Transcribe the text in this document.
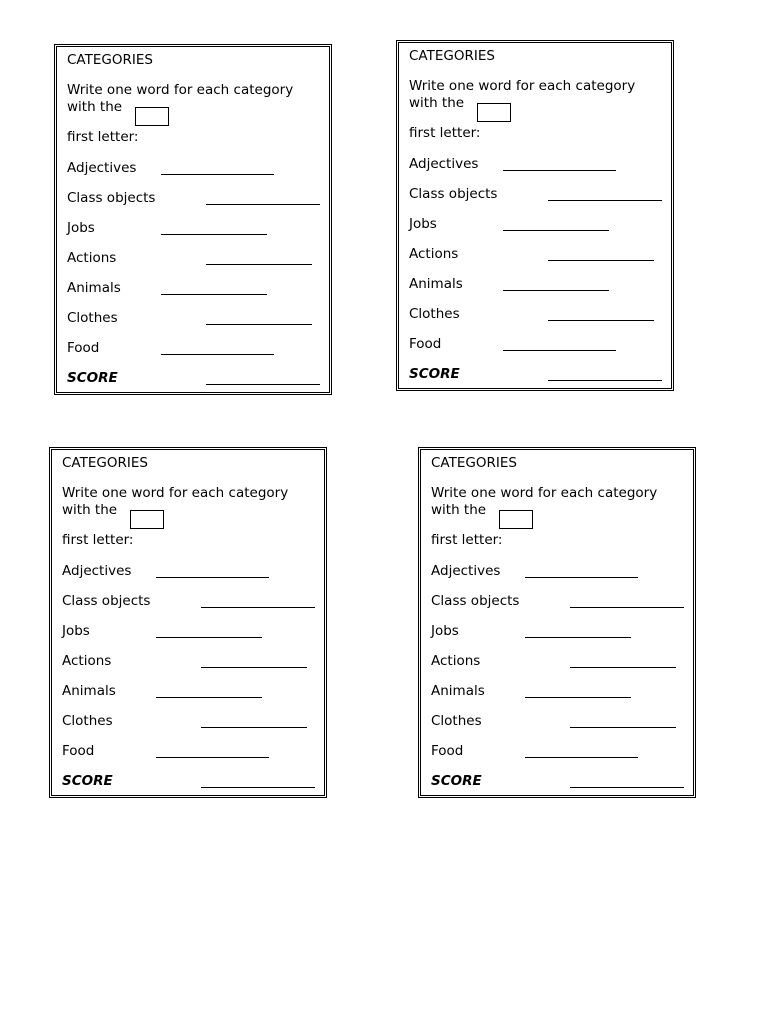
CATEGORIES
Write one word for each category
with the
first letter:
Adjectives
Class objects
Jobs
Actions
Animals
Clothes
Food
SCORE
CATEGORIES
Write one word for each category
with the
first letter:
Adjectives
Class objects
Jobs
Actions
Animals
Clothes
Food
SCORE
CATEGORIES
Write one word for each category
with the
first letter:
Adjectives
Class objects
Jobs
Actions
Animals
Clothes
Food
SCORE
CATEGORIES
Write one word for each category
with the
first letter:
Adjectives
Class objects
Jobs
Actions
Animals
Clothes
Food
SCORE
